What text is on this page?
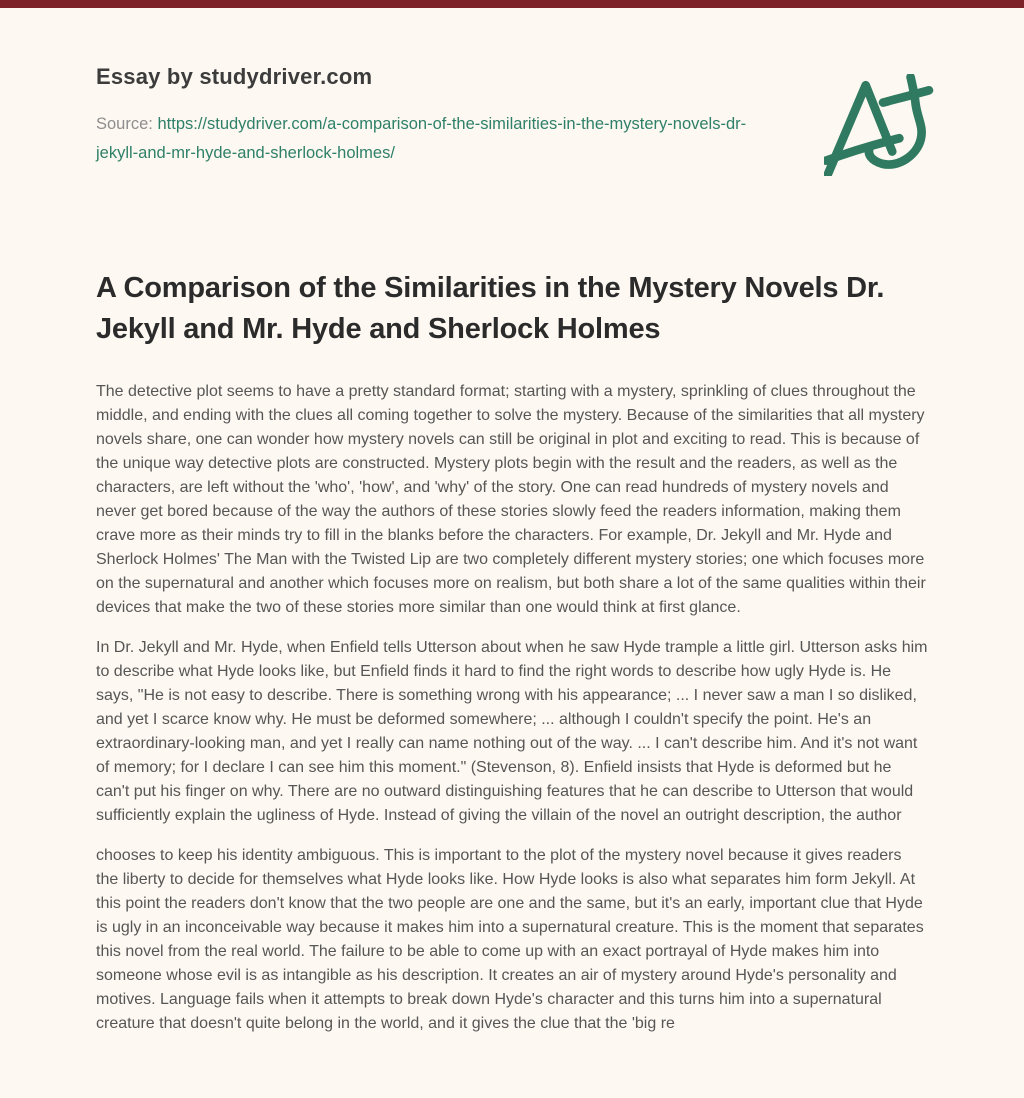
Essay by studydriver.com

Source: https://studydriver.com/a-comparison-of-the-similarities-in-the-mystery-novels-dr-jekyll-and-mr-hyde-and-sherlock-holmes/

A Comparison of the Similarities in the Mystery Novels Dr. Jekyll and Mr. Hyde and Sherlock Holmes

The detective plot seems to have a pretty standard format; starting with a mystery, sprinkling of clues throughout the middle, and ending with the clues all coming together to solve the mystery. Because of the similarities that all mystery novels share, one can wonder how mystery novels can still be original in plot and exciting to read. This is because of the unique way detective plots are constructed. Mystery plots begin with the result and the readers, as well as the characters, are left without the 'who', 'how', and 'why' of the story. One can read hundreds of mystery novels and never get bored because of the way the authors of these stories slowly feed the readers information, making them crave more as their minds try to fill in the blanks before the characters. For example, Dr. Jekyll and Mr. Hyde and Sherlock Holmes' The Man with the Twisted Lip are two completely different mystery stories; one which focuses more on the supernatural and another which focuses more on realism, but both share a lot of the same qualities within their devices that make the two of these stories more similar than one would think at first glance.

In Dr. Jekyll and Mr. Hyde, when Enfield tells Utterson about when he saw Hyde trample a little girl. Utterson asks him to describe what Hyde looks like, but Enfield finds it hard to find the right words to describe how ugly Hyde is. He says, "He is not easy to describe. There is something wrong with his appearance; ... I never saw a man I so disliked, and yet I scarce know why. He must be deformed somewhere; ... although I couldn't specify the point. He's an extraordinary-looking man, and yet I really can name nothing out of the way. ... I can't describe him. And it's not want of memory; for I declare I can see him this moment." (Stevenson, 8). Enfield insists that Hyde is deformed but he can't put his finger on why. There are no outward distinguishing features that he can describe to Utterson that would sufficiently explain the ugliness of Hyde. Instead of giving the villain of the novel an outright description, the author

chooses to keep his identity ambiguous. This is important to the plot of the mystery novel because it gives readers the liberty to decide for themselves what Hyde looks like. How Hyde looks is also what separates him form Jekyll. At this point the readers don't know that the two people are one and the same, but it's an early, important clue that Hyde is ugly in an inconceivable way because it makes him into a supernatural creature. This is the moment that separates this novel from the real world. The failure to be able to come up with an exact portrayal of Hyde makes him into someone whose evil is as intangible as his description. It creates an air of mystery around Hyde's personality and motives. Language fails when it attempts to break down Hyde's character and this turns him into a supernatural creature that doesn't quite belong in the world, and it gives the clue that the 'big re
